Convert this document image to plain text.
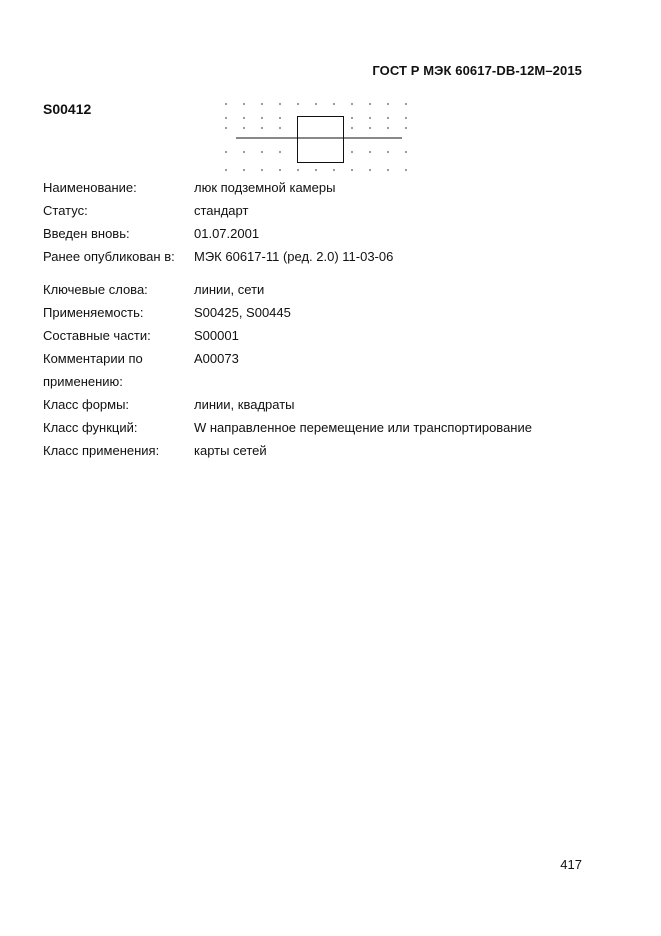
ГОСТ Р МЭК 60617-DB-12M–2015
S00412
Наименование:	люк подземной камеры
Статус:	стандарт
Введен вновь:	01.07.2001
Ранее опубликован в:	МЭК 60617-11 (ред. 2.0) 11-03-06
Ключевые слова:	линии, сети
Применяемость:	S00425, S00445
Составные части:	S00001
Комментарии по	A00073
применению:
Класс формы:	линии, квадраты
Класс функций:	W направленное перемещение или транспортирование
Класс применения:	карты сетей
417
